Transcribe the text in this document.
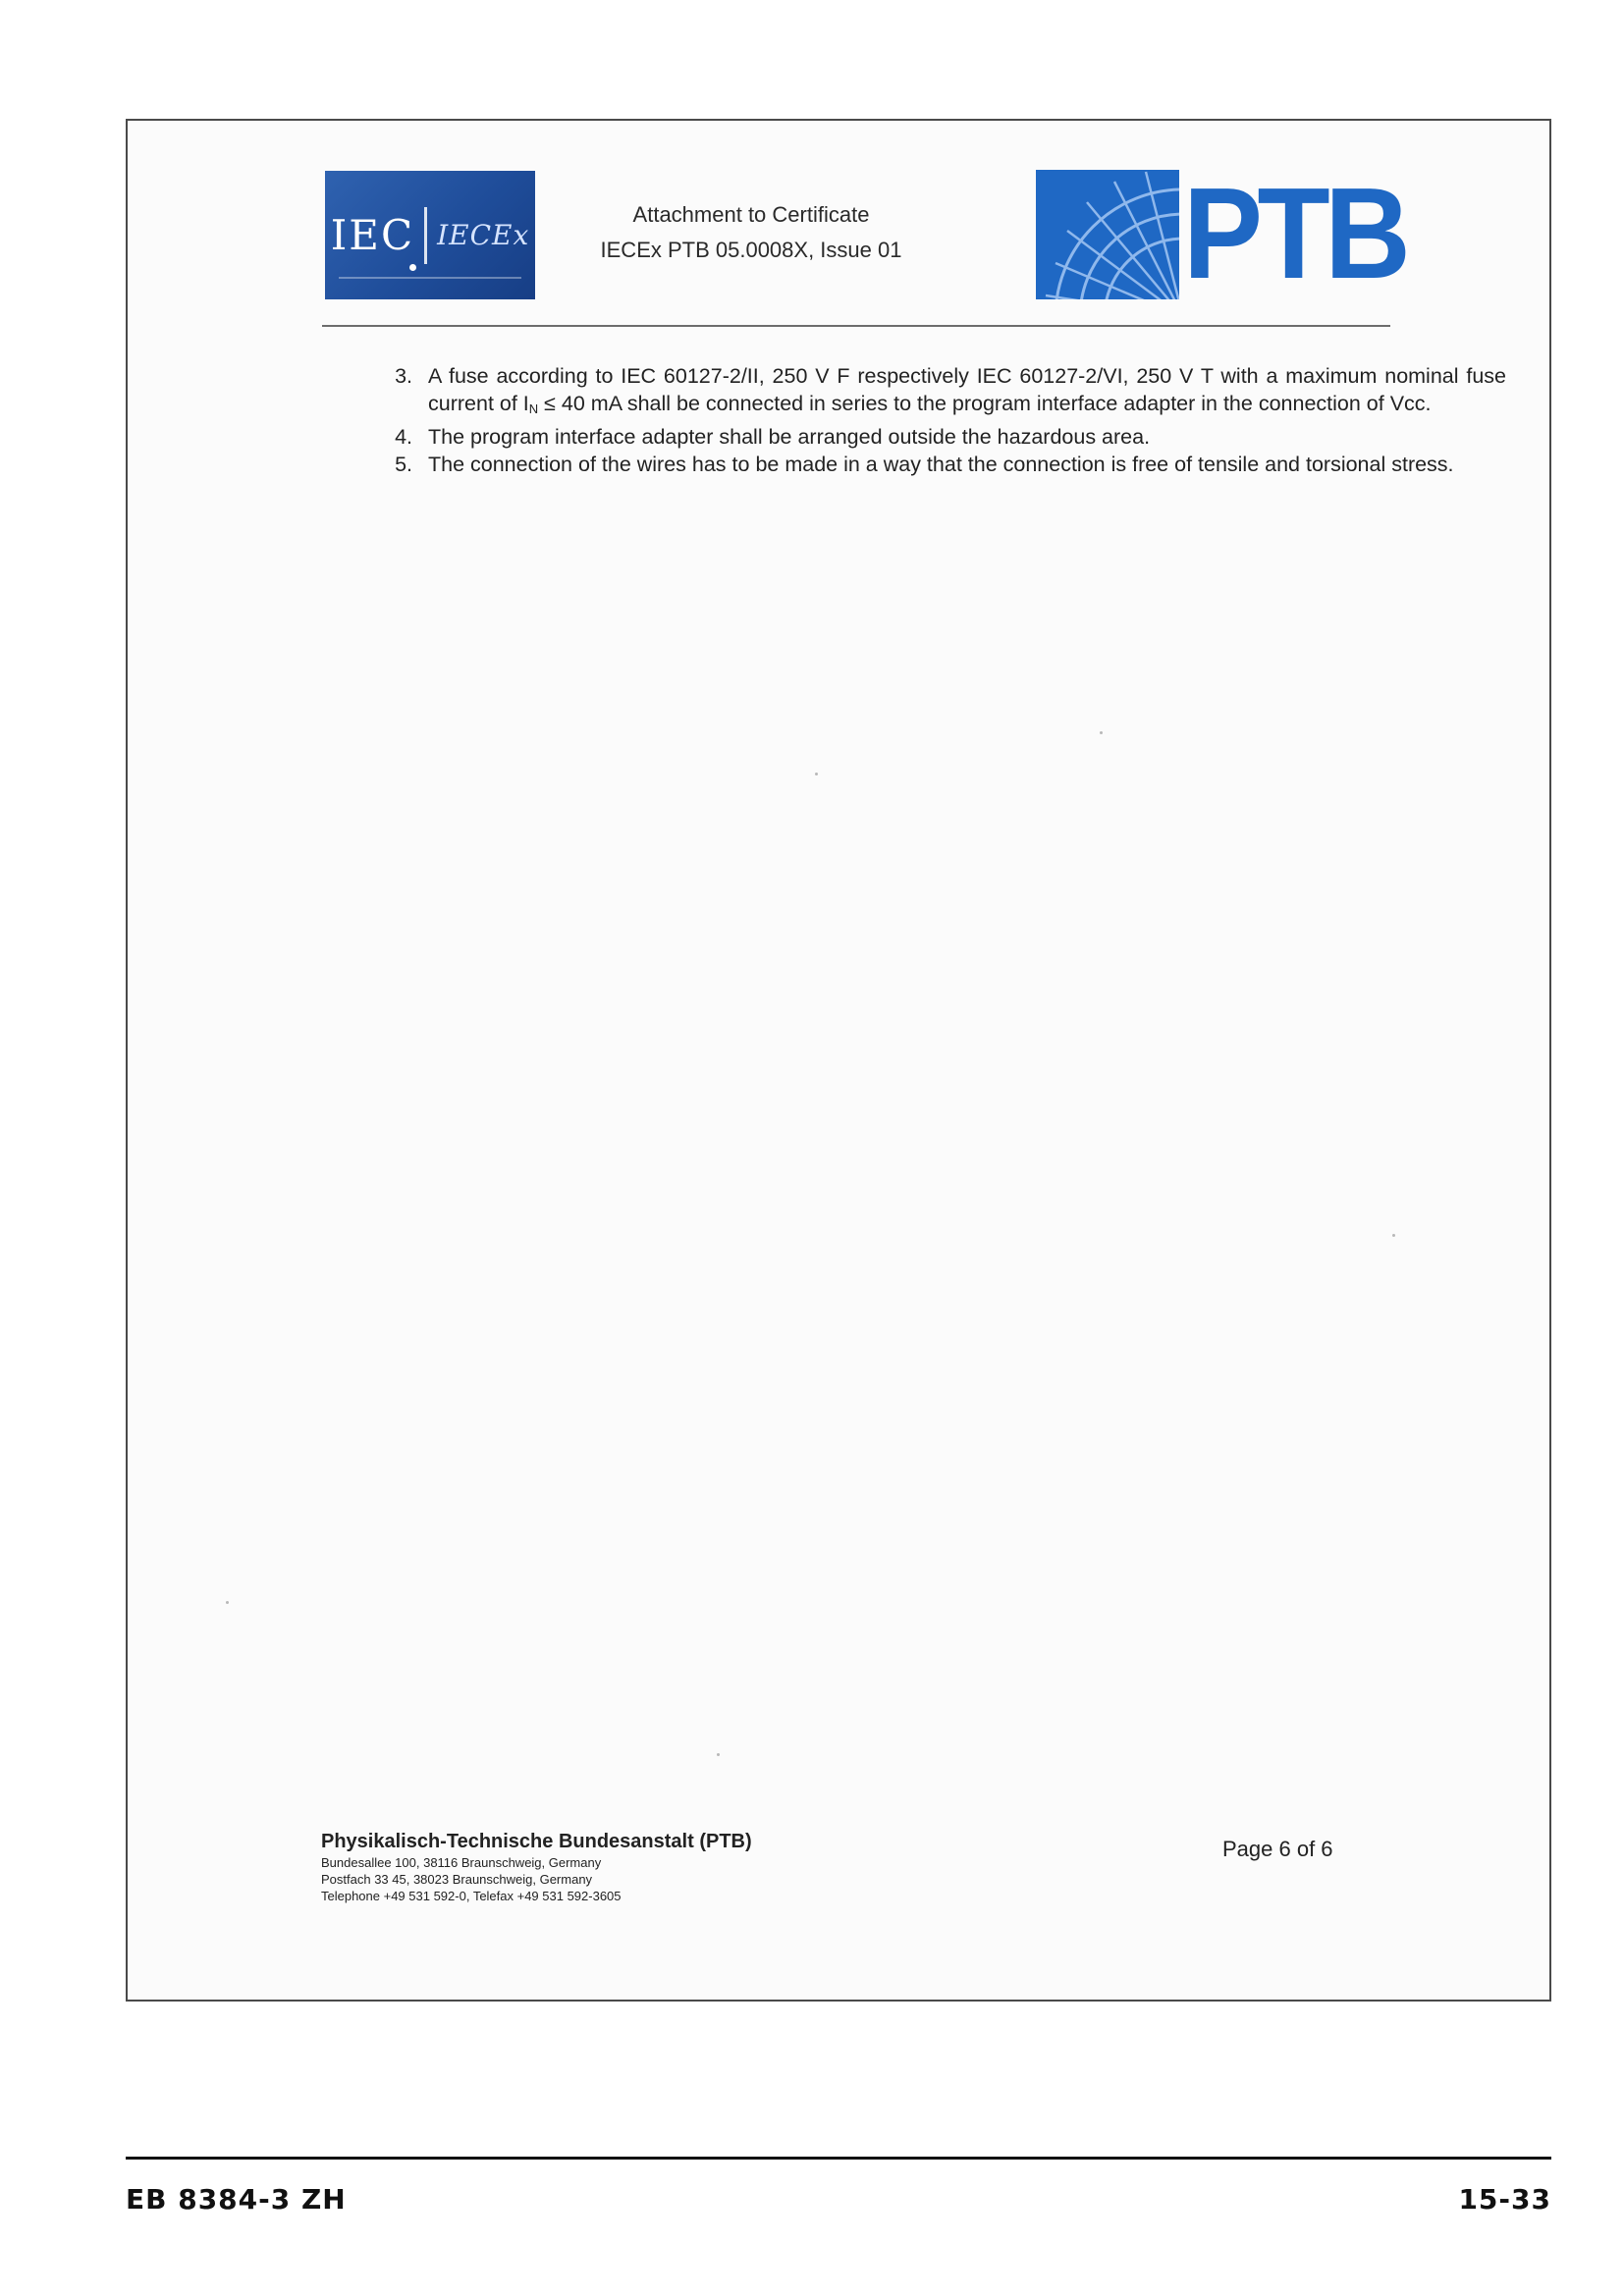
IEC IECEx
Attachment to Certificate
IECEx PTB 05.0008X, Issue 01 PTB
3. A fuse according to IEC 60127-2/II, 250 V F respectively IEC 60127-2/VI, 250 V T with a maximum nominal fuse current of $I_N \le 40$ mA shall be connected in series to the program interface adapter in the connection of Vcc.
4. The program interface adapter shall be arranged outside the hazardous area.
5. The connection of the wires has to be made in a way that the connection is free of tensile and torsional stress.
Physikalisch-Technische Bundesanstalt (PTB)
Bundesallee 100, 38116 Braunschweig, Germany
Postfach 33 45, 38023 Braunschweig, Germany
Telephone +49 531 592-0, Telefax +49 531 592-3605
Page 6 of 6
EB 8384-3 ZH	15-33
